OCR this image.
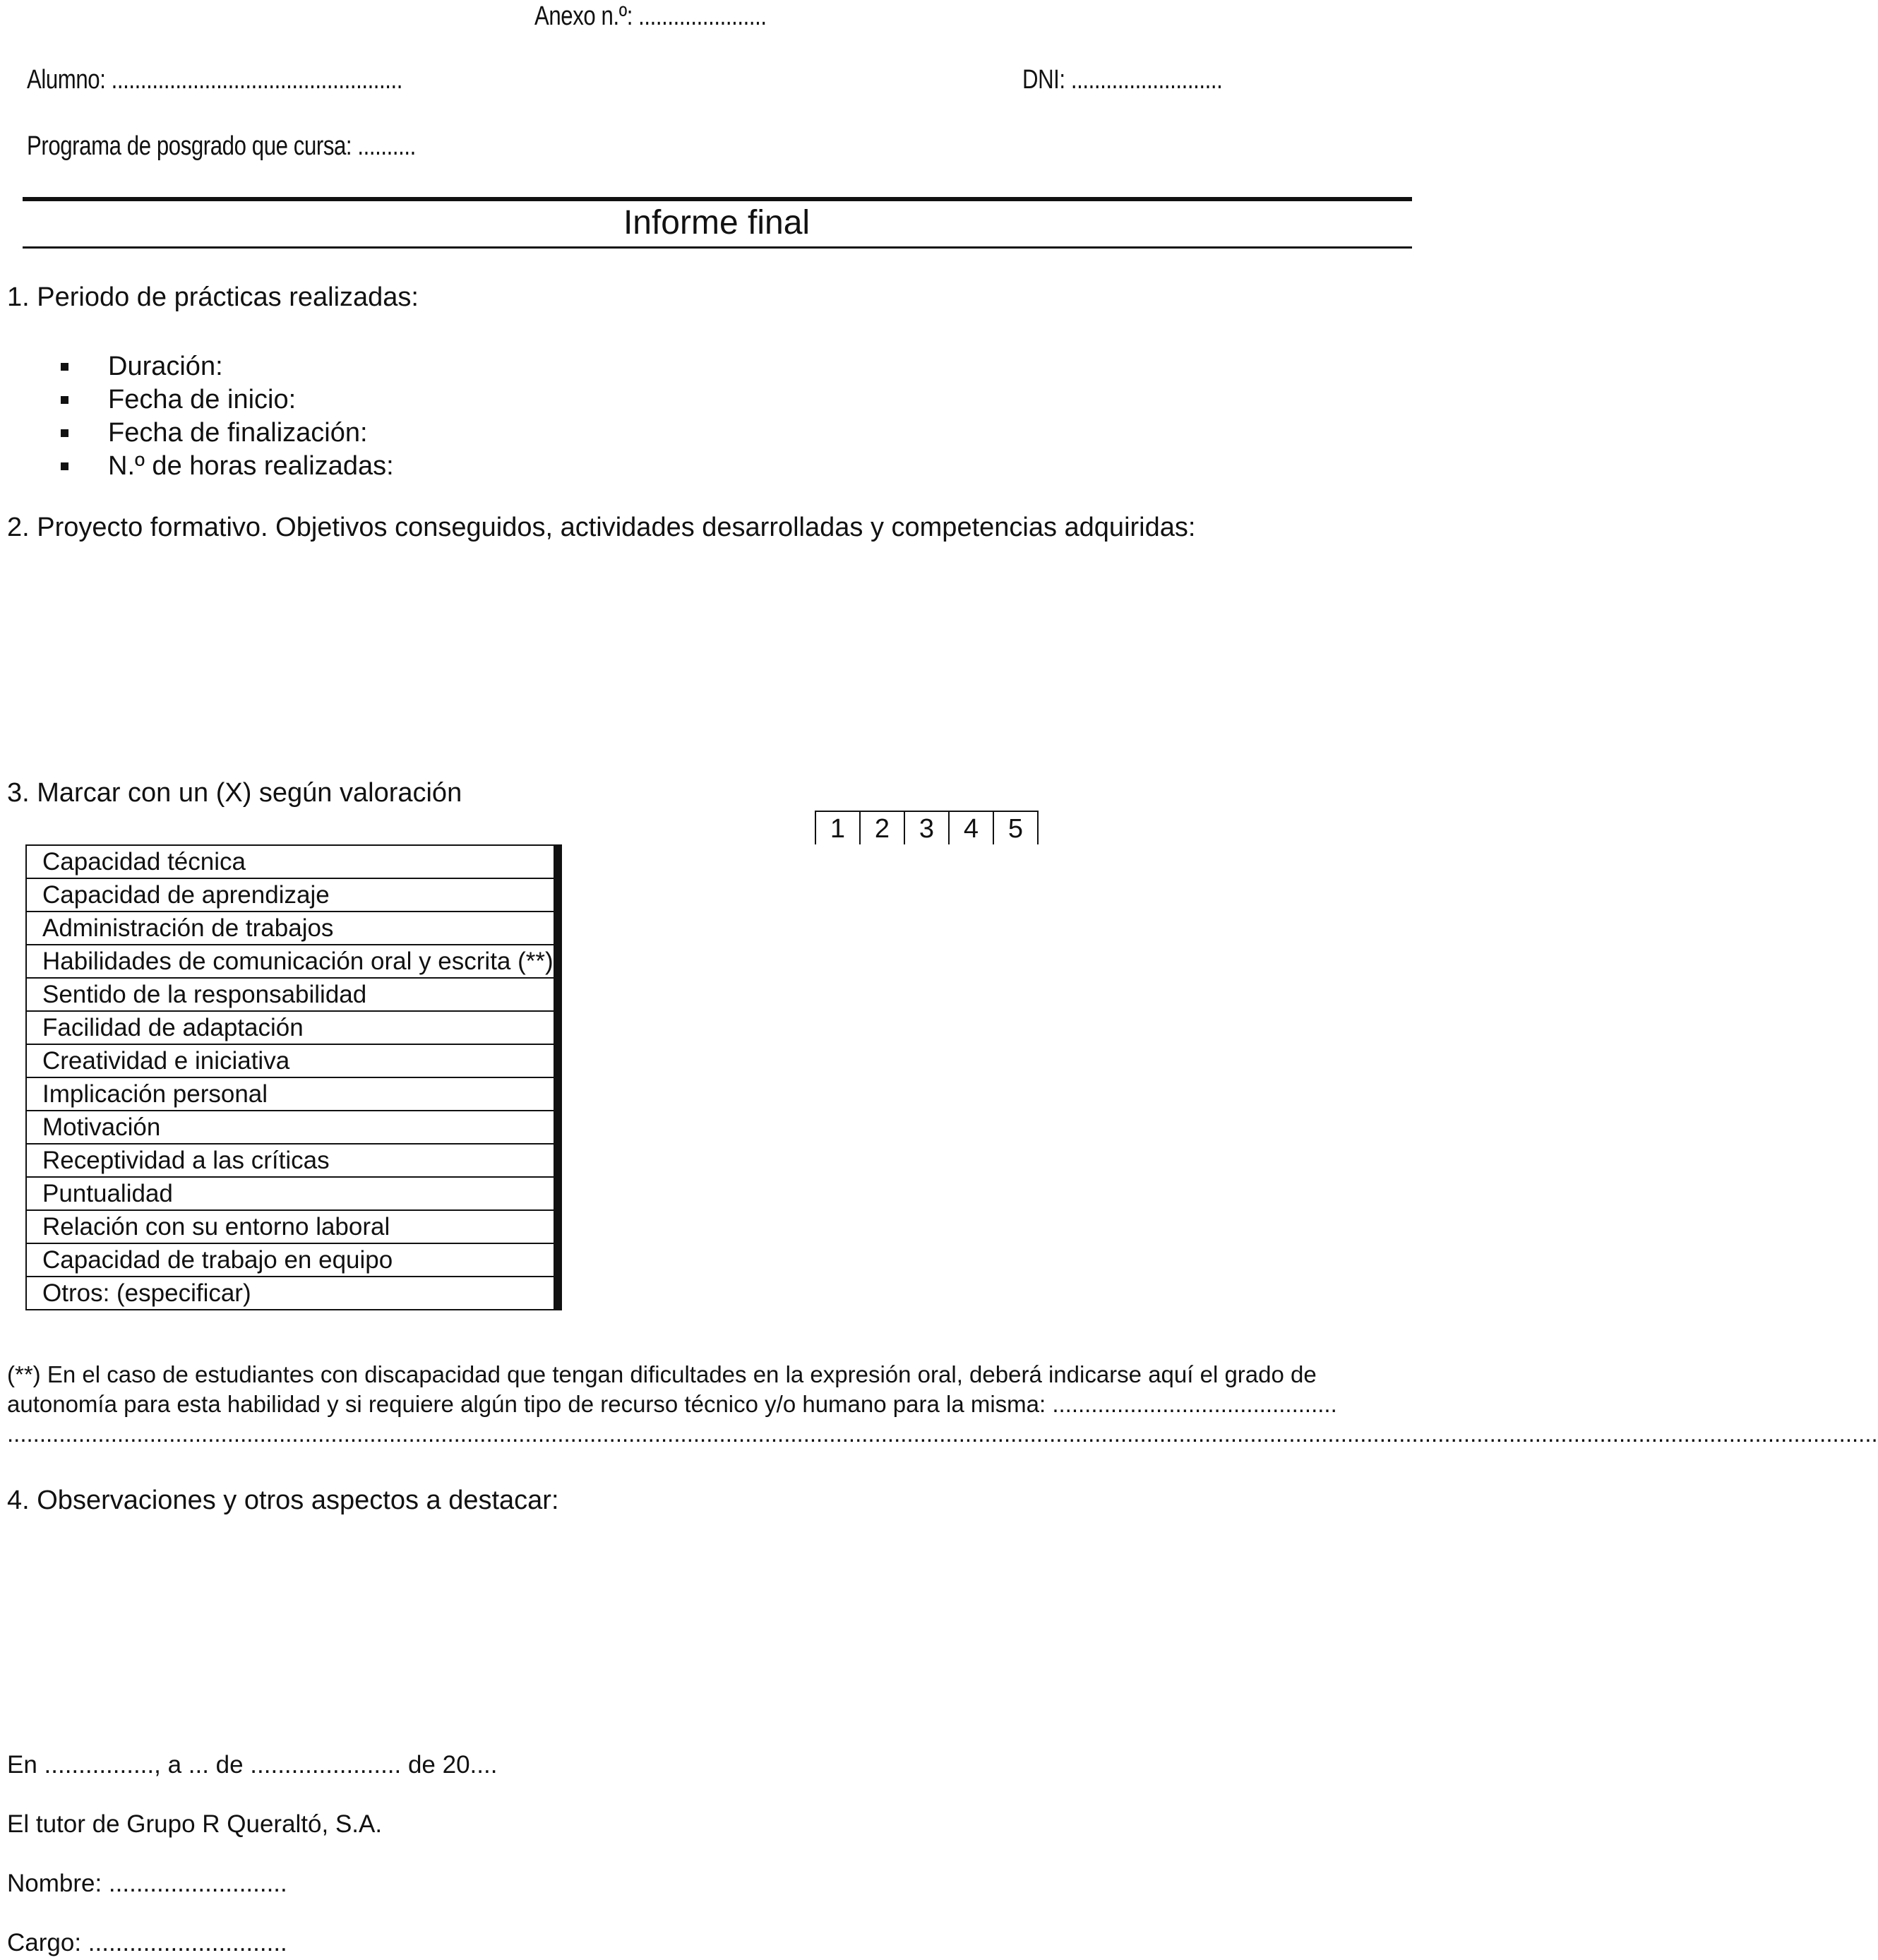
Anexo n.º: ......................
Alumno: ..................................................	DNI: ..........................
Programa de posgrado que cursa: ..........
Informe final
1. Periodo de prácticas realizadas:
Duración:
Fecha de inicio:
Fecha de finalización:
N.º de horas realizadas:
2. Proyecto formativo. Objetivos conseguidos, actividades desarrolladas y competencias adquiridas:
3. Marcar con un (X) según valoración
1	2	3	4	5
Capacidad técnica					
Capacidad de aprendizaje					
Administración de trabajos					
Habilidades de comunicación oral y escrita (**)					
Sentido de la responsabilidad					
Facilidad de adaptación					
Creatividad e iniciativa					
Implicación personal					
Motivación					
Receptividad a las críticas					
Puntualidad					
Relación con su entorno laboral					
Capacidad de trabajo en equipo					
Otros: (especificar)					
(**) En el caso de estudiantes con discapacidad que tengan dificultades en la expresión oral, deberá indicarse aquí el grado de autonomía para esta habilidad y si requiere algún tipo de recurso técnico y/o humano para la misma: ............................................
.................................................................................................................................................................................................................................................................................................
4. Observaciones y otros aspectos a destacar:
En ................, a ... de ...................... de 20....
El tutor de Grupo R Queraltó, S.A.
Nombre: ..........................
Cargo: .............................
